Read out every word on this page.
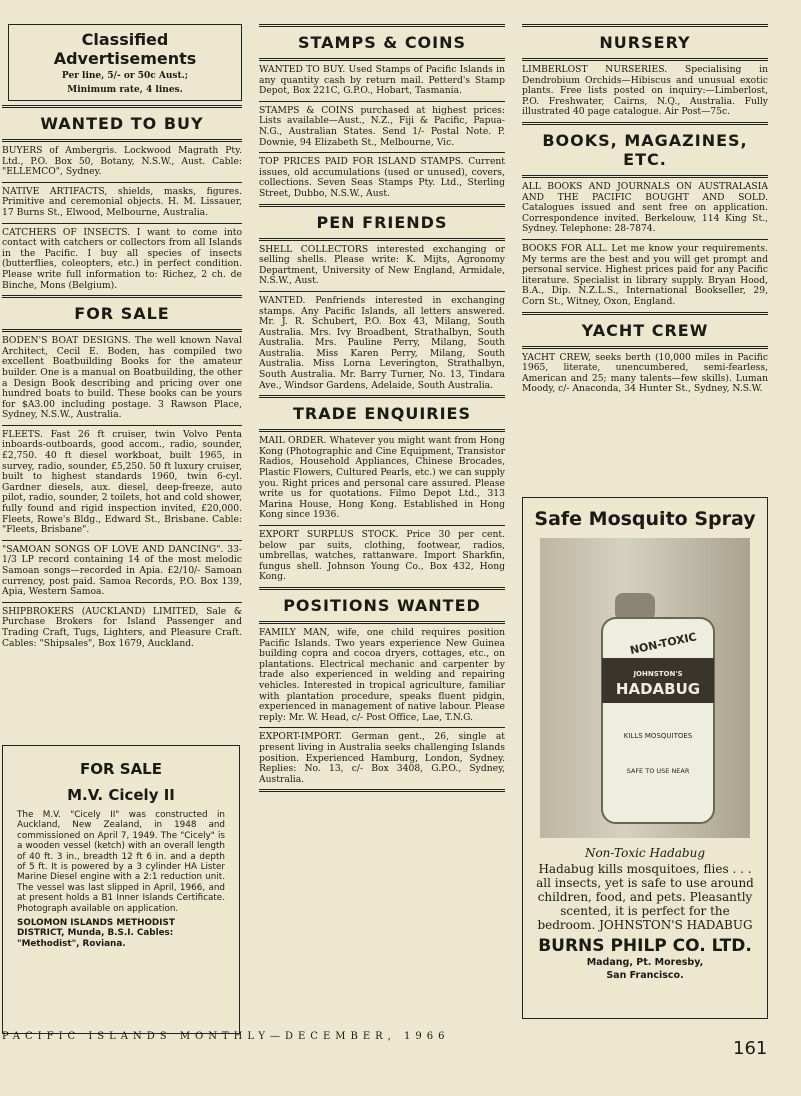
Classified Advertisements
Per line, 5/- or 50c Aust.;
Minimum rate, 4 lines.
WANTED TO BUY
BUYERS of Ambergris. Lockwood Magrath Pty. Ltd., P.O. Box 50, Botany, N.S.W., Aust. Cable: "ELLEMCO", Sydney.
NATIVE ARTIFACTS, shields, masks, figures. Primitive and ceremonial objects. H. M. Lissauer, 17 Burns St., Elwood, Melbourne, Australia.
CATCHERS OF INSECTS. I want to come into contact with catchers or collectors from all Islands in the Pacific. I buy all species of insects (butterflies, coleopters, etc.) in perfect condition. Please write full information to: Richez, 2 ch. de Binche, Mons (Belgium).
FOR SALE
BODEN'S BOAT DESIGNS. The well known Naval Architect, Cecil E. Boden, has compiled two excellent Boatbuilding Books for the amateur builder. One is a manual on Boatbuilding, the other a Design Book describing and pricing over one hundred boats to build. These books can be yours for $A3.00 including postage. 3 Rawson Place, Sydney, N.S.W., Australia.
FLEETS. Fast 26 ft cruiser, twin Volvo Penta inboards-outboards, good accom., radio, sounder, £2,750. 40 ft diesel workboat, built 1965, in survey, radio, sounder, £5,250. 50 ft luxury cruiser, built to highest standards 1960, twin 6-cyl. Gardner diesels, aux. diesel, deep-freeze, auto pilot, radio, sounder, 2 toilets, hot and cold shower, fully found and rigid inspection invited, £20,000. Fleets, Rowe's Bldg., Edward St., Brisbane. Cable: "Fleets, Brisbane".
"SAMOAN SONGS OF LOVE AND DANCING". 33-1/3 LP record containing 14 of the most melodic Samoan songs—recorded in Apia. £2/10/- Samoan currency, post paid. Samoa Records, P.O. Box 139, Apia, Western Samoa.
SHIPBROKERS (AUCKLAND) LIMITED, Sale & Purchase Brokers for Island Passenger and Trading Craft, Tugs, Lighters, and Pleasure Craft. Cables: "Shipsales", Box 1679, Auckland.
FOR SALE
M.V. Cicely II
The M.V. "Cicely II" was constructed in Auckland, New Zealand, in 1948 and commissioned on April 7, 1949. The "Cicely" is a wooden vessel (ketch) with an overall length of 40 ft. 3 in., breadth 12 ft 6 in. and a depth of 5 ft. It is powered by a 3 cylinder HA Lister Marine Diesel engine with a 2:1 reduction unit. The vessel was last slipped in April, 1966, and at present holds a B1 Inner Islands Certificate. Photograph available on application.
SOLOMON ISLANDS METHODIST DISTRICT, Munda, B.S.I. Cables: "Methodist", Roviana.
STAMPS & COINS
WANTED TO BUY. Used Stamps of Pacific Islands in any quantity cash by return mail. Petterd's Stamp Depot, Box 221C, G.P.O., Hobart, Tasmania.
STAMPS & COINS purchased at highest prices: Lists available—Aust., N.Z., Fiji & Pacific, Papua-N.G., Australian States. Send 1/- Postal Note. P. Downie, 94 Elizabeth St., Melbourne, Vic.
TOP PRICES PAID FOR ISLAND STAMPS. Current issues, old accumulations (used or unused), covers, collections. Seven Seas Stamps Pty. Ltd., Sterling Street, Dubbo, N.S.W., Aust.
PEN FRIENDS
SHELL COLLECTORS interested exchanging or selling shells. Please write: K. Mijts, Agronomy Department, University of New England, Armidale, N.S.W., Aust.
WANTED. Penfriends interested in exchanging stamps. Any Pacific Islands, all letters answered. Mr. J. R. Schubert, P.O. Box 43, Milang, South Australia. Mrs. Ivy Broadbent, Strathalbyn, South Australia. Mrs. Pauline Perry, Milang, South Australia. Miss Karen Perry, Milang, South Australia. Miss Lorna Leverington, Strathalbyn, South Australia. Mr. Barry Turner, No. 13, Tindara Ave., Windsor Gardens, Adelaide, South Australia.
TRADE ENQUIRIES
MAIL ORDER. Whatever you might want from Hong Kong (Photographic and Cine Equipment, Transistor Radios, Household Appliances, Chinese Brocades, Plastic Flowers, Cultured Pearls, etc.) we can supply you. Right prices and personal care assured. Please write us for quotations. Filmo Depot Ltd., 313 Marina House, Hong Kong. Established in Hong Kong since 1936.
EXPORT SURPLUS STOCK. Price 30 per cent. below par suits, clothing, footwear, radios, umbrellas, watches, rattanware. Import Sharkfin, fungus shell. Johnson Young Co., Box 432, Hong Kong.
POSITIONS WANTED
FAMILY MAN, wife, one child requires position Pacific Islands. Two years experience New Guinea building copra and cocoa dryers, cottages, etc., on plantations. Electrical mechanic and carpenter by trade also experienced in welding and repairing vehicles. Interested in tropical agriculture, familiar with plantation procedure, speaks fluent pidgin, experienced in management of native labour. Please reply: Mr. W. Head, c/- Post Office, Lae, T.N.G.
EXPORT-IMPORT. German gent., 26, single at present living in Australia seeks challenging Islands position. Experienced Hamburg, London, Sydney. Replies: No. 13, c/- Box 3408, G.P.O., Sydney, Australia.
NURSERY
LIMBERLOST NURSERIES. Specialising in Dendrobium Orchids—Hibiscus and unusual exotic plants. Free lists posted on inquiry:—Limberlost, P.O. Freshwater, Cairns, N.Q., Australia. Fully illustrated 40 page catalogue. Air Post—75c.
BOOKS, MAGAZINES, ETC.
ALL BOOKS AND JOURNALS ON AUSTRALASIA AND THE PACIFIC BOUGHT AND SOLD. Catalogues issued and sent free on application. Correspondence invited. Berkelouw, 114 King St., Sydney. Telephone: 28-7874.
BOOKS FOR ALL. Let me know your requirements. My terms are the best and you will get prompt and personal service. Highest prices paid for any Pacific literature. Specialist in library supply. Bryan Hood, B.A., Dip. N.Z.L.S., International Bookseller, 29, Corn St., Witney, Oxon, England.
YACHT CREW
YACHT CREW, seeks berth (10,000 miles in Pacific 1965, literate, unencumbered, semi-fearless, American and 25; many talents—few skills). Luman Moody, c/- Anaconda, 34 Hunter St., Sydney, N.S.W.
Safe Mosquito Spray
NON-TOXIC
JOHNSTON'S
HADABUG
KILLS MOSQUITOES
SAFE TO USE NEAR
Non-Toxic Hadabug
Hadabug kills mosquitoes, flies . . . all insects, yet is safe to use around children, food, and pets. Pleasantly scented, it is perfect for the bedroom. JOHNSTON'S HADABUG
BURNS PHILP CO. LTD.
Madang, Pt. Moresby,
San Francisco.
PACIFIC ISLANDS MONTHLY—DECEMBER, 1966
161
